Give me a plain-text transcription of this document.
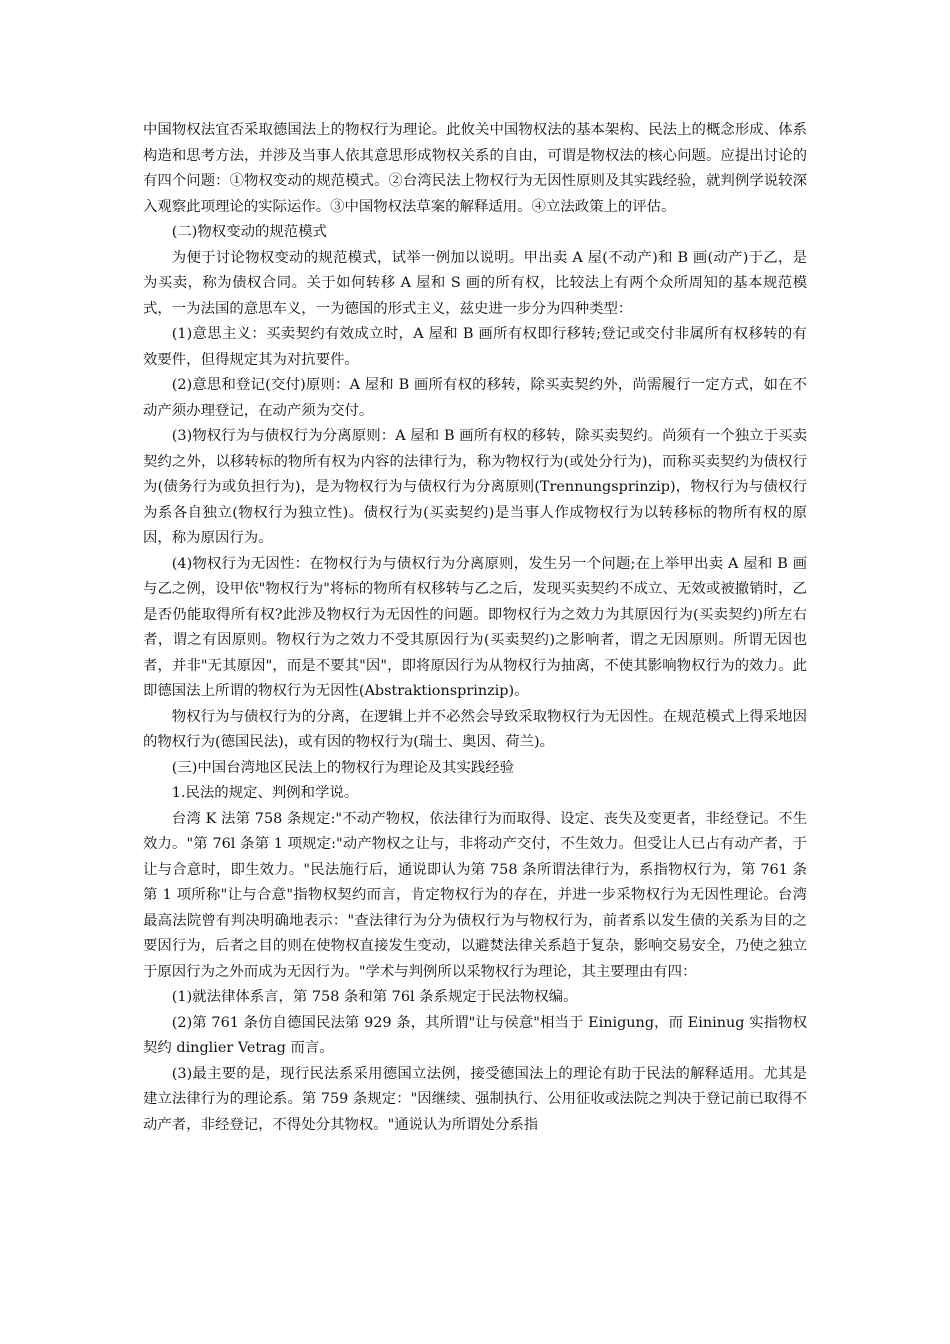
中国物权法宜否采取德国法上的物权行为理论。此攸关中国物权法的基本架构、民法上的概念形成、体系构造和思考方法，并涉及当事人依其意思形成物权关系的自由，可谓是物权法的核心问题。应提出讨论的有四个问题：①物权变动的规范模式。②台湾民法上物权行为无因性原则及其实践经验，就判例学说较深入观察此项理论的实际运作。③中国物权法草案的解释适用。④立法政策上的评估。

(二)物权变动的规范模式

为便于讨论物权变动的规范模式，试举一例加以说明。甲出卖 A 屋(不动产)和 B 画(动产)于乙，是为买卖，称为债权合同。关于如何转移 A 屋和 S 画的所有权，比较法上有两个众所周知的基本规范模式，一为法国的意思车义，一为德国的形式主义，兹史进一步分为四种类型：

(1)意思主义：买卖契约有效成立时，A 屋和 B 画所有权即行移转;登记或交付非属所有权移转的有效要件，但得规定其为对抗要件。

(2)意思和登记(交付)原则：A 屋和 B 画所有权的移转，除买卖契约外，尚需履行一定方式，如在不动产须办理登记，在动产须为交付。

(3)物权行为与债权行为分离原则：A 屋和 B 画所有权的移转，除买卖契约。尚须有一个独立于买卖契约之外，以移转标的物所有权为内容的法律行为，称为物权行为(或处分行为)，而称买卖契约为债权行为(债务行为或负担行为)，是为物权行为与债权行为分离原则(Trennungsprinzip)，物权行为与债权行为系各自独立(物权行为独立性)。债权行为(买卖契约)是当事人作成物权行为以转移标的物所有权的原因，称为原因行为。

(4)物权行为无因性：在物权行为与债权行为分离原则，发生另一个问题;在上举甲出卖 A 屋和 B 画与乙之例，设甲依"物权行为"将标的物所有权移转与乙之后，发现买卖契约不成立、无效或被撤销时，乙是否仍能取得所有权?此涉及物权行为无因性的问题。即物权行为之效力为其原因行为(买卖契约)所左右者，谓之有因原则。物权行为之效力不受其原因行为(买卖契约)之影响者，谓之无因原则。所谓无因也者，并非"无其原因"，而是不要其"因"，即将原因行为从物权行为抽离，不使其影响物权行为的效力。此即德国法上所谓的物权行为无因性(Abstraktionsprinzip)。

物权行为与债权行为的分离，在逻辑上并不必然会导致采取物权行为无因性。在规范模式上得采地因的物权行为(德国民法)，或有因的物权行为(瑞士、奥因、荷兰)。

(三)中国台湾地区民法上的物权行为理论及其实践经验

1.民法的规定、判例和学说。

台湾 K 法第 758 条规定:"不动产物权，依法律行为而取得、设定、丧失及变更者，非经登记。不生效力。"第 76l 条第 1 项规定:"动产物权之让与，非将动产交付，不生效力。但受让人已占有动产者，于让与合意时，即生效力。"民法施行后，通说即认为第 758 条所谓法律行为，系指物权行为，第 761 条第 1 项所称"让与合意"指物权契约而言，肯定物权行为的存在，并进一步采物权行为无因性理论。台湾最高法院曾有判决明确地表示："查法律行为分为债权行为与物权行为，前者系以发生债的关系为目的之要因行为，后者之目的则在使物权直接发生变动，以避焚法律关系趋于复杂，影响交易安全，乃使之独立于原因行为之外而成为无因行为。"学术与判例所以采物权行为理论，其主要理由有四：

(1)就法律体系言，第 758 条和第 76l 条系规定于民法物权编。

(2)第 761 条仿自德国民法第 929 条，其所谓"让与侯意"相当于 Einigung，而 Eininug 实指物权契约 dinglier Vetrag 而言。

(3)最主要的是，现行民法系采用德国立法例，接受德国法上的理论有助于民法的解释适用。尤其是建立法律行为的理论系。第 759 条规定："因继续、强制执行、公用征收或法院之判决于登记前已取得不动产者，非经登记，不得处分其物权。"通说认为所谓处分系指
